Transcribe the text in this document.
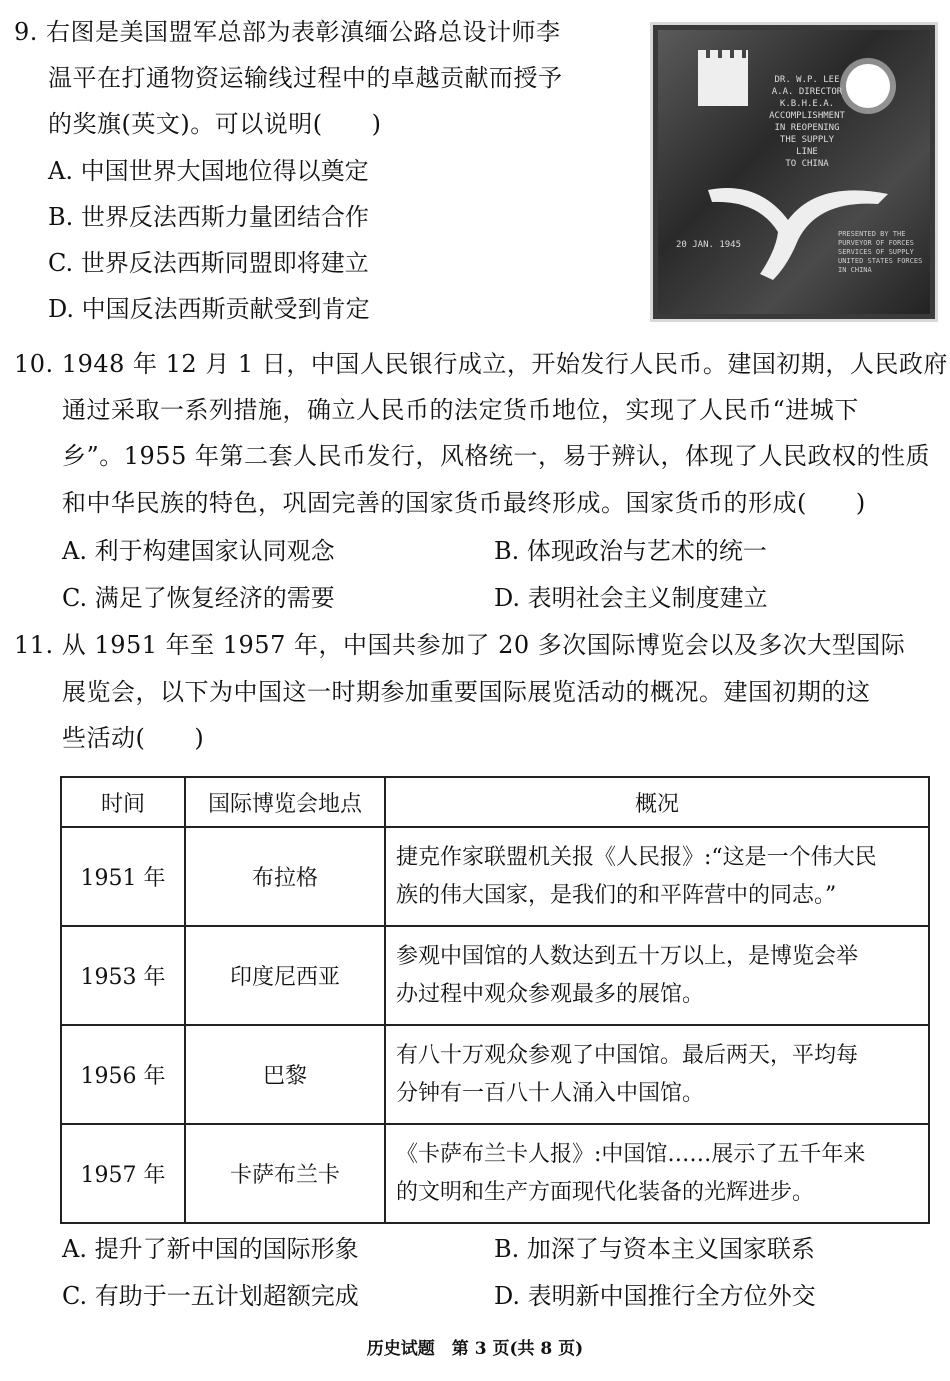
9. 右图是美国盟军总部为表彰滇缅公路总设计师李
温平在打通物资运输线过程中的卓越贡献而授予
的奖旗(英文)。可以说明(　　)
A. 中国世界大国地位得以奠定
B. 世界反法西斯力量团结合作
C. 世界反法西斯同盟即将建立
D. 中国反法西斯贡献受到肯定
DR. W.P. LEE
A.A. DIRECTOR
K.B.H.E.A.
ACCOMPLISHMENT
IN REOPENING
THE SUPPLY
LINE
TO CHINA
20 JAN. 1945
PRESENTED BY THE
PURVEYOR OF FORCES
SERVICES OF SUPPLY
UNITED STATES FORCES
IN CHINA
10. 1948 年 12 月 1 日，中国人民银行成立，开始发行人民币。建国初期，人民政府
通过采取一系列措施，确立人民币的法定货币地位，实现了人民币“进城下
乡”。1955 年第二套人民币发行，风格统一，易于辨认，体现了人民政权的性质
和中华民族的特色，巩固完善的国家货币最终形成。国家货币的形成(　　)
A. 利于构建国家认同观念	B. 体现政治与艺术的统一
C. 满足了恢复经济的需要	D. 表明社会主义制度建立
11. 从 1951 年至 1957 年，中国共参加了 20 多次国际博览会以及多次大型国际
展览会，以下为中国这一时期参加重要国际展览活动的概况。建国初期的这
些活动(　　)
时间	国际博览会地点	概况
1951 年	布拉格	捷克作家联盟机关报《人民报》:“这是一个伟大民
族的伟大国家，是我们的和平阵营中的同志。”

1953 年	印度尼西亚	参观中国馆的人数达到五十万以上，是博览会举
办过程中观众参观最多的展馆。

1956 年	巴黎	有八十万观众参观了中国馆。最后两天，平均每
分钟有一百八十人涌入中国馆。

1957 年	卡萨布兰卡	《卡萨布兰卡人报》:中国馆……展示了五千年来
的文明和生产方面现代化装备的光辉进步。
A. 提升了新中国的国际形象	B. 加深了与资本主义国家联系
C. 有助于一五计划超额完成	D. 表明新中国推行全方位外交
历史试题　第 3 页(共 8 页)
